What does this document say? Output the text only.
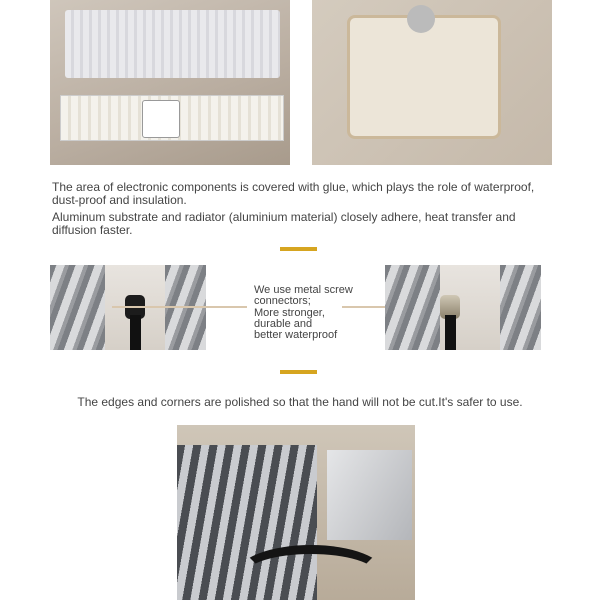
The area of electronic components is covered with glue, which plays the role of waterproof, dust-proof and insulation.

Aluminum substrate and radiator (aluminium material) closely adhere, heat transfer and diffusion faster.

We use metal screw
connectors;
More stronger,
durable and
better waterproof

The edges and corners are polished so that the hand will not be cut.It's safer to use.
